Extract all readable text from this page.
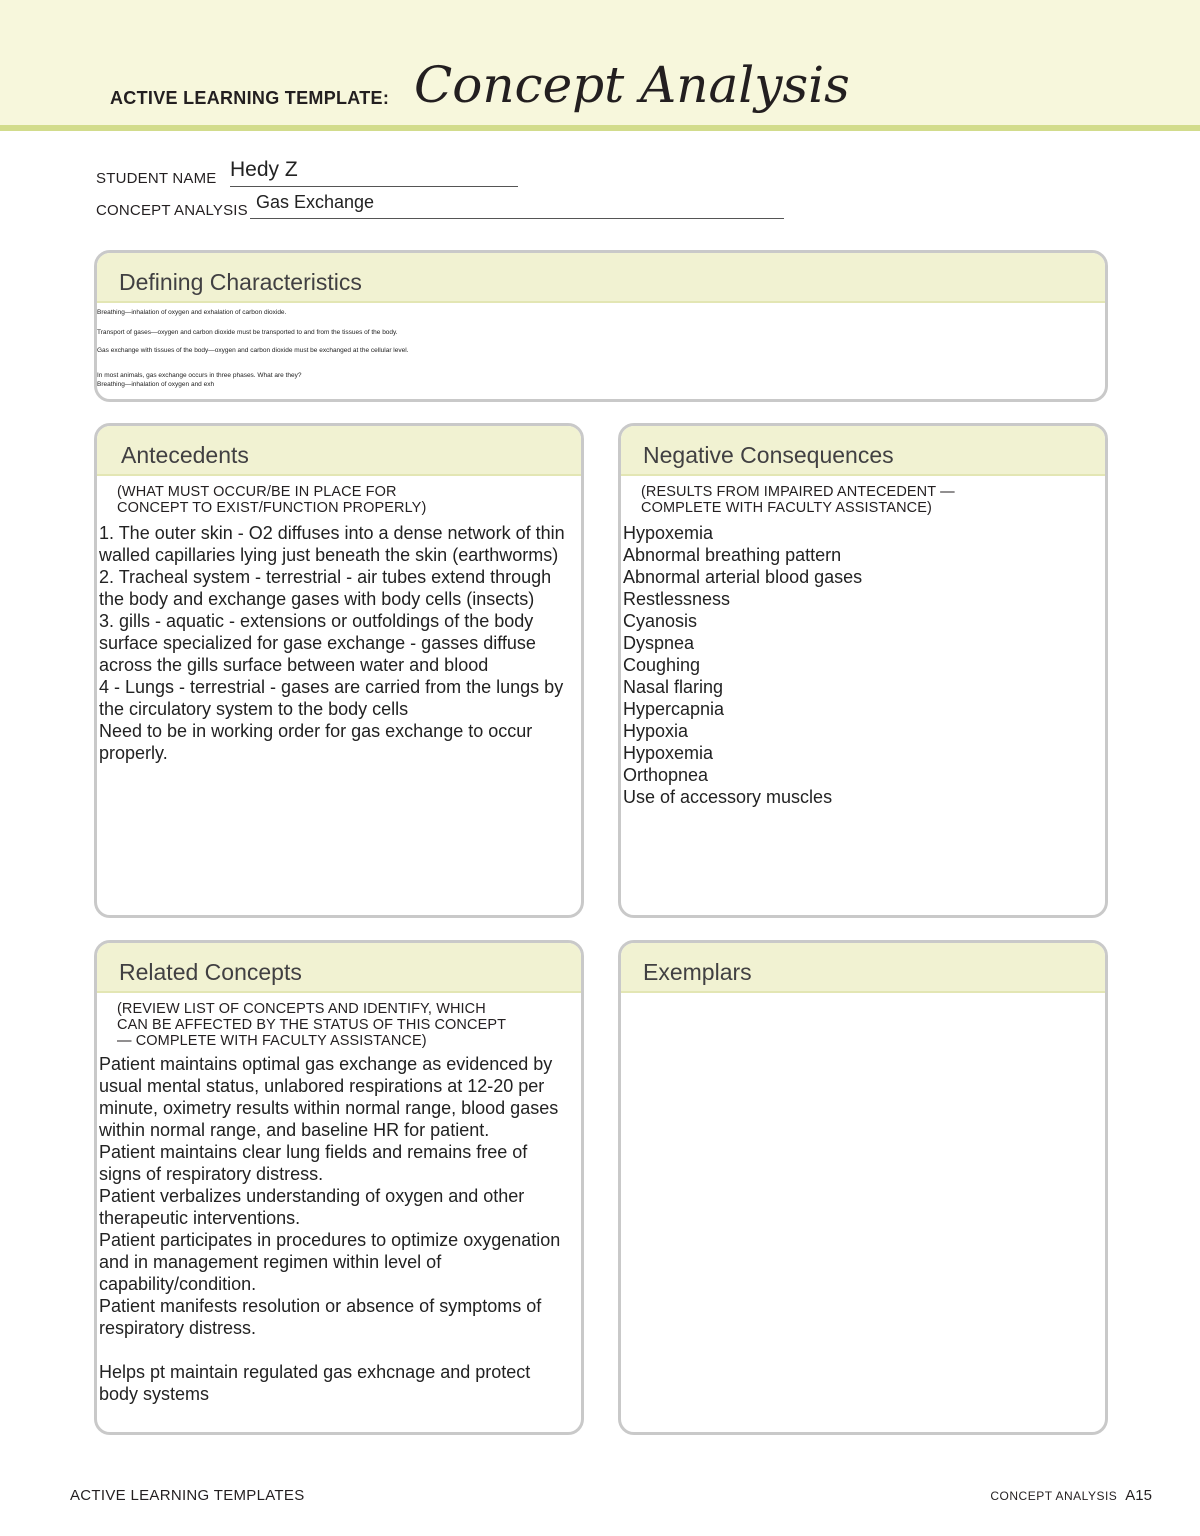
ACTIVE LEARNING TEMPLATE: Concept Analysis
STUDENT NAME Hedy Z
CONCEPT ANALYSIS Gas Exchange
Defining Characteristics
Breathing—inhalation of oxygen and exhalation of carbon dioxide.
Transport of gases—oxygen and carbon dioxide must be transported to and from the tissues of the body.
Gas exchange with tissues of the body—oxygen and carbon dioxide must be exchanged at the cellular level.
In most animals, gas exchange occurs in three phases. What are they?
Breathing—inhalation of oxygen and exh
Antecedents
(WHAT MUST OCCUR/BE IN PLACE FOR
CONCEPT TO EXIST/FUNCTION PROPERLY)
1. The outer skin - O2 diffuses into a dense network of thin walled capillaries lying just beneath the skin (earthworms)
2. Tracheal system - terrestrial - air tubes extend through the body and exchange gases with body cells (insects)
3. gills - aquatic - extensions or outfoldings of the body surface specialized for gase exchange - gasses diffuse across the gills surface between water and blood
4 - Lungs - terrestrial - gases are carried from the lungs by the circulatory system to the body cells
Need to be in working order for gas exchange to occur properly.
Negative Consequences
(RESULTS FROM IMPAIRED ANTECEDENT —
COMPLETE WITH FACULTY ASSISTANCE)
Hypoxemia
Abnormal breathing pattern
Abnormal arterial blood gases
Restlessness
Cyanosis
Dyspnea
Coughing
Nasal flaring
Hypercapnia
Hypoxia
Hypoxemia
Orthopnea
Use of accessory muscles
Related Concepts
(REVIEW LIST OF CONCEPTS AND IDENTIFY, WHICH
CAN BE AFFECTED BY THE STATUS OF THIS CONCEPT
— COMPLETE WITH FACULTY ASSISTANCE)
Patient maintains optimal gas exchange as evidenced by usual mental status, unlabored respirations at 12-20 per minute, oximetry results within normal range, blood gases within normal range, and baseline HR for patient.
Patient maintains clear lung fields and remains free of signs of respiratory distress.
Patient verbalizes understanding of oxygen and other therapeutic interventions.
Patient participates in procedures to optimize oxygenation and in management regimen within level of capability/condition.
Patient manifests resolution or absence of symptoms of respiratory distress.
Helps pt maintain regulated gas exhcnage and protect body systems
Exemplars
ACTIVE LEARNING TEMPLATES	CONCEPT ANALYSIS A15
